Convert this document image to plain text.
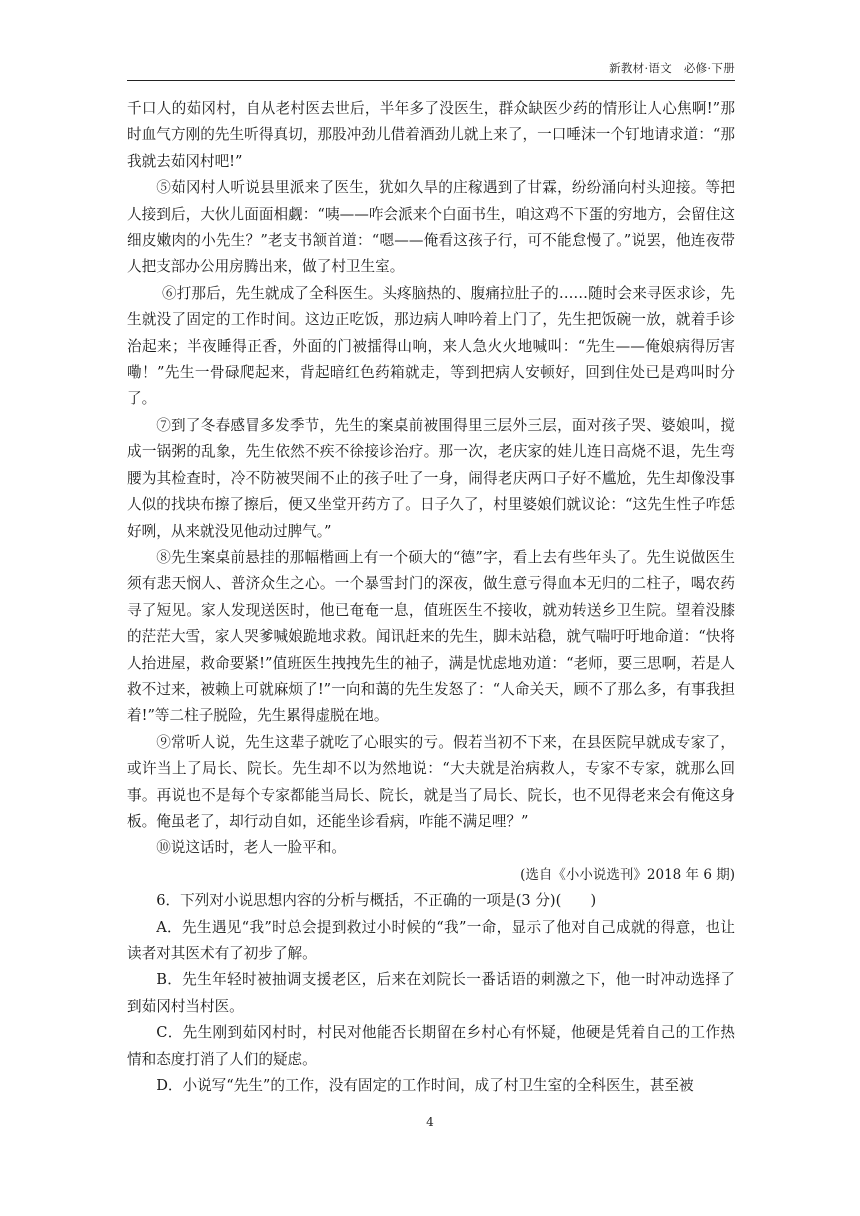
新教材·语文　必修·下册

千口人的茹冈村，自从老村医去世后，半年多了没医生，群众缺医少药的情形让人心焦啊!”那时血气方刚的先生听得真切，那股冲劲儿借着酒劲儿就上来了，一口唾沫一个钉地请求道：“那我就去茹冈村吧!”

⑤茹冈村人听说县里派来了医生，犹如久旱的庄稼遇到了甘霖，纷纷涌向村头迎接。等把人接到后，大伙儿面面相觑：“咦——咋会派来个白面书生，咱这鸡不下蛋的穷地方，会留住这细皮嫩肉的小先生？”老支书颔首道：“嗯——俺看这孩子行，可不能怠慢了。”说罢，他连夜带人把支部办公用房腾出来，做了村卫生室。

⑥打那后，先生就成了全科医生。头疼脑热的、腹痛拉肚子的……随时会来寻医求诊，先生就没了固定的工作时间。这边正吃饭，那边病人呻吟着上门了，先生把饭碗一放，就着手诊治起来；半夜睡得正香，外面的门被擂得山响，来人急火火地喊叫：“先生——俺娘病得厉害嘞！”先生一骨碌爬起来，背起暗红色药箱就走，等到把病人安顿好，回到住处已是鸡叫时分了。

⑦到了冬春感冒多发季节，先生的案桌前被围得里三层外三层，面对孩子哭、婆娘叫，搅成一锅粥的乱象，先生依然不疾不徐接诊治疗。那一次，老庆家的娃儿连日高烧不退，先生弯腰为其检查时，冷不防被哭闹不止的孩子吐了一身，闹得老庆两口子好不尴尬，先生却像没事人似的找块布擦了擦后，便又坐堂开药方了。日子久了，村里婆娘们就议论：“这先生性子咋恁好咧，从来就没见他动过脾气。”

⑧先生案桌前悬挂的那幅楷画上有一个硕大的“德”字，看上去有些年头了。先生说做医生须有悲天悯人、普济众生之心。一个暴雪封门的深夜，做生意亏得血本无归的二柱子，喝农药寻了短见。家人发现送医时，他已奄奄一息，值班医生不接收，就劝转送乡卫生院。望着没膝的茫茫大雪，家人哭爹喊娘跪地求救。闻讯赶来的先生，脚未站稳，就气喘吁吁地命道：“快将人抬进屋，救命要紧!”值班医生拽拽先生的袖子，满是忧虑地劝道：“老师，要三思啊，若是人救不过来，被赖上可就麻烦了!”一向和蔼的先生发怒了：“人命关天，顾不了那么多，有事我担着!”等二柱子脱险，先生累得虚脱在地。

⑨常听人说，先生这辈子就吃了心眼实的亏。假若当初不下来，在县医院早就成专家了，或许当上了局长、院长。先生却不以为然地说：“大夫就是治病救人，专家不专家，就那么回事。再说也不是每个专家都能当局长、院长，就是当了局长、院长，也不见得老来会有俺这身板。俺虽老了，却行动自如，还能坐诊看病，咋能不满足哩？”

⑩说这话时，老人一脸平和。

(选自《小小说选刊》2018 年 6 期)

6．下列对小说思想内容的分析与概括，不正确的一项是(3 分)(　　)

A．先生遇见“我”时总会提到救过小时候的“我”一命，显示了他对自己成就的得意，也让读者对其医术有了初步了解。

B．先生年轻时被抽调支援老区，后来在刘院长一番话语的刺激之下，他一时冲动选择了到茹冈村当村医。

C．先生刚到茹冈村时，村民对他能否长期留在乡村心有怀疑，他硬是凭着自己的工作热情和态度打消了人们的疑虑。

D．小说写“先生”的工作，没有固定的工作时间，成了村卫生室的全科医生，甚至被

4
